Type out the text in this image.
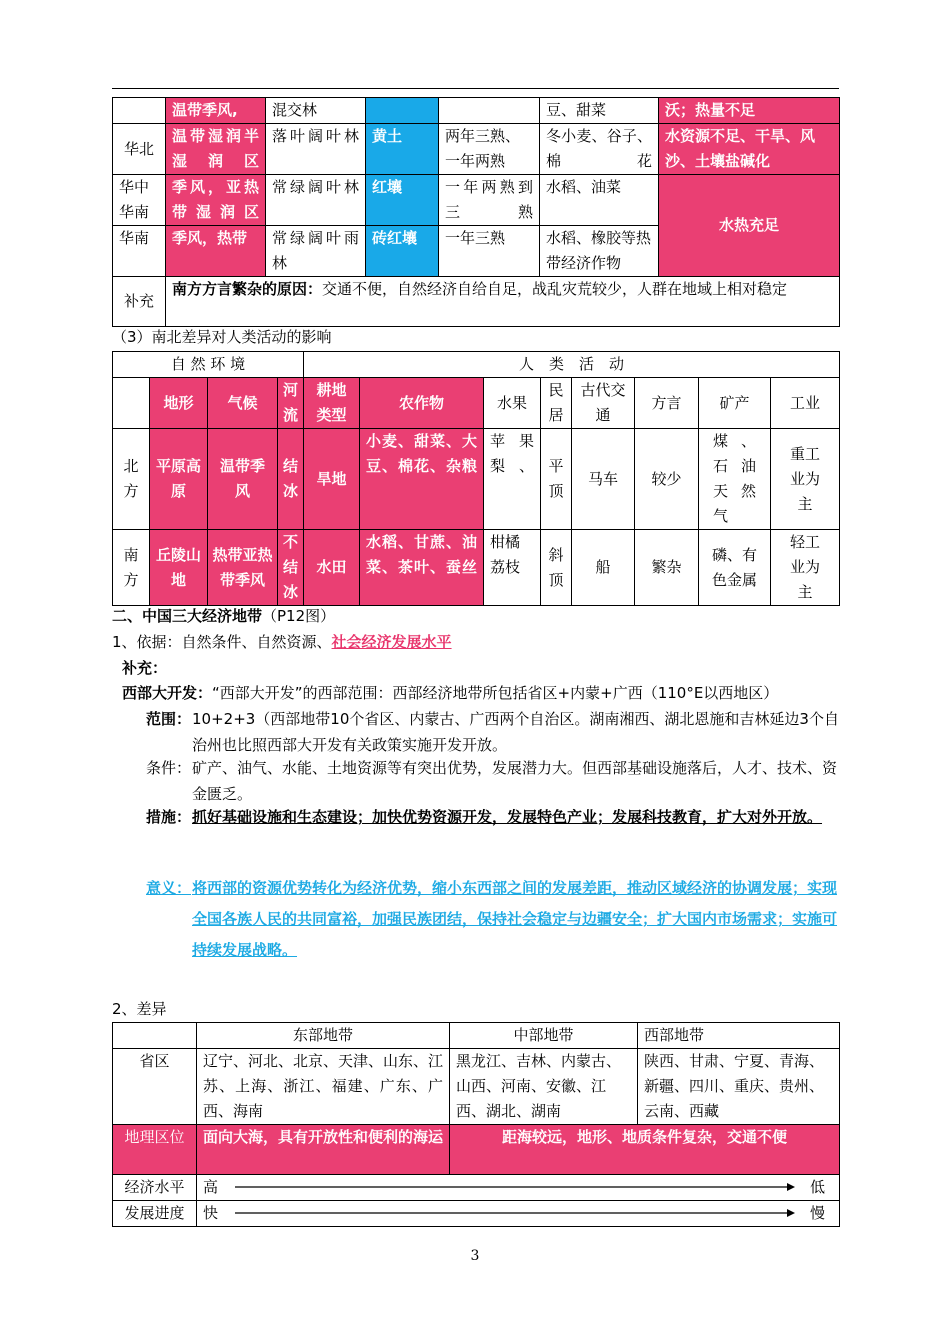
	温带季风,	混交林			豆、甜菜	沃；热量不足
华北	温带湿润半湿润区	落叶阔叶林	黄土	两年三熟、一年两熟	冬小麦、谷子、棉花	水资源不足、干旱、风沙、土壤盐碱化
华中华南	季风，亚热带湿润区	常绿阔叶林	红壤	一年两熟到三熟	水稻、油菜	水热充足
华南	季风，热带	常绿阔叶雨林	砖红壤	一年三熟	水稻、橡胶等热带经济作物	
补充	南方方言繁杂的原因：交通不便，自然经济自给自足，战乱灾荒较少，人群在地域上相对稳定					
（3）南北差异对人类活动的影响
自 然 环 境				人　类　活　动							
	地形	气候	河流	耕地类型	农作物	水果	民居	古代交通	方言	矿产	工业
北方	平原高原	温带季风	结冰	旱地	小麦、甜菜、大豆、棉花、杂粮	苹果梨、	平顶	马车	较少	煤、石油天然气	重工业为主
南方	丘陵山地	热带亚热带季风	不结冰	水田	水稻、甘蔗、油菜、茶叶、蚕丝	柑橘荔枝	斜顶	船	繁杂	磷、有色金属	轻工业为主
二、中国三大经济地带（P12图）
1、依据：自然条件、自然资源、社会经济发展水平
补充：
西部大开发：“西部大开发”的西部范围：西部经济地带所包括省区+内蒙+广西（110°E以西地区）
范围： 10+2+3（西部地带10个省区、内蒙古、广西两个自治区。湖南湘西、湖北恩施和吉林延边3个自治州也比照西部大开发有关政策实施开发开放。
条件： 矿产、油气、水能、土地资源等有突出优势，发展潜力大。但西部基础设施落后，人才、技术、资金匮乏。
措施： 抓好基础设施和生态建设；加快优势资源开发，发展特色产业；发展科技教育，扩大对外开放。
意义： 将西部的资源优势转化为经济优势，缩小东西部之间的发展差距，推动区域经济的协调发展；实现全国各族人民的共同富裕，加强民族团结，保持社会稳定与边疆安全；扩大国内市场需求；实施可持续发展战略。
2、差异
	东部地带	中部地带	西部地带
省区	辽宁、河北、北京、天津、山东、江苏、上海、浙江、福建、广东、广西、海南	黑龙江、吉林、内蒙古、山西、河南、安徽、江西、湖北、湖南	陕西、甘肃、宁夏、青海、新疆、四川、重庆、贵州、云南、西藏
地理区位	面向大海，具有开放性和便利的海运	距海较远，地形、地质条件复杂，交通不便	
经济水平	高 低		

发展进度	快 慢		
3
